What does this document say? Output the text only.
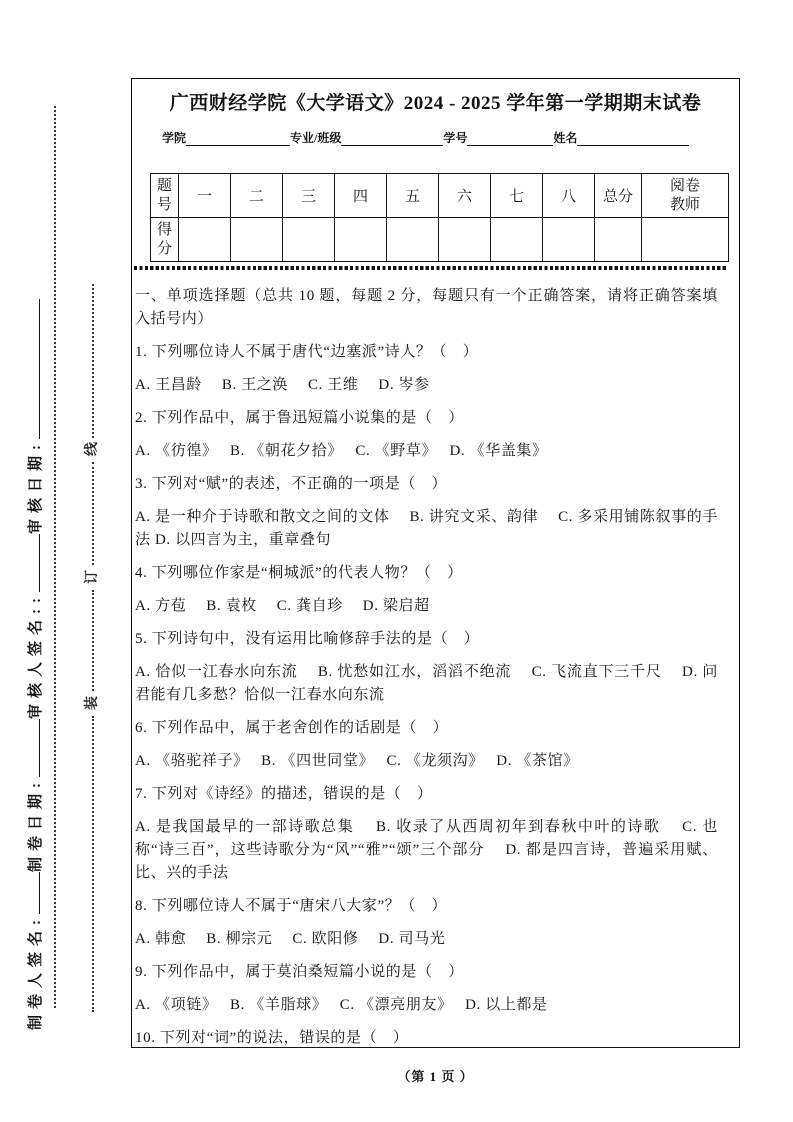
制卷人签名:制卷日期:审核人签名::审核日期:	线
订
装
广西财经学院《大学语文》2024 - 2025 学年第一学期期末试卷
学院	专业/班级	学号	姓名
题号	一	二	三	四	五	六	七	八	总分	阅卷教师
得分										

一、单项选择题（总共 10 题，每题 2 分，每题只有一个正确答案，请将正确答案填入括号内）

1. 下列哪位诗人不属于唐代“边塞派”诗人？（　）

A. 王昌龄　 B. 王之涣　 C. 王维　 D. 岑参

2. 下列作品中，属于鲁迅短篇小说集的是（　）

A. 《彷徨》　 B. 《朝花夕拾》　 C. 《野草》　 D. 《华盖集》

3. 下列对“赋”的表述，不正确的一项是（　）

A. 是一种介于诗歌和散文之间的文体　 B. 讲究文采、韵律　 C. 多采用铺陈叙事的手法 D. 以四言为主，重章叠句

4. 下列哪位作家是“桐城派”的代表人物？（　）

A. 方苞　 B. 袁枚　 C. 龚自珍　 D. 梁启超

5. 下列诗句中，没有运用比喻修辞手法的是（　）

A. 恰似一江春水向东流　 B. 忧愁如江水，滔滔不绝流　 C. 飞流直下三千尺　 D. 问君能有几多愁？恰似一江春水向东流

6. 下列作品中，属于老舍创作的话剧是（　）

A. 《骆驼祥子》　 B. 《四世同堂》　 C. 《龙须沟》　 D. 《茶馆》

7. 下列对《诗经》的描述，错误的是（　）

A. 是我国最早的一部诗歌总集　 B. 收录了从西周初年到春秋中叶的诗歌　 C. 也称“诗三百”，这些诗歌分为“风”“雅”“颂”三个部分　 D. 都是四言诗，普遍采用赋、比、兴的手法

8. 下列哪位诗人不属于“唐宋八大家”？（　）

A. 韩愈　 B. 柳宗元　 C. 欧阳修　 D. 司马光

9. 下列作品中，属于莫泊桑短篇小说的是（　）

A. 《项链》　 B. 《羊脂球》　 C. 《漂亮朋友》　 D. 以上都是

10. 下列对“词”的说法，错误的是（　）

（第 1 页 ）
